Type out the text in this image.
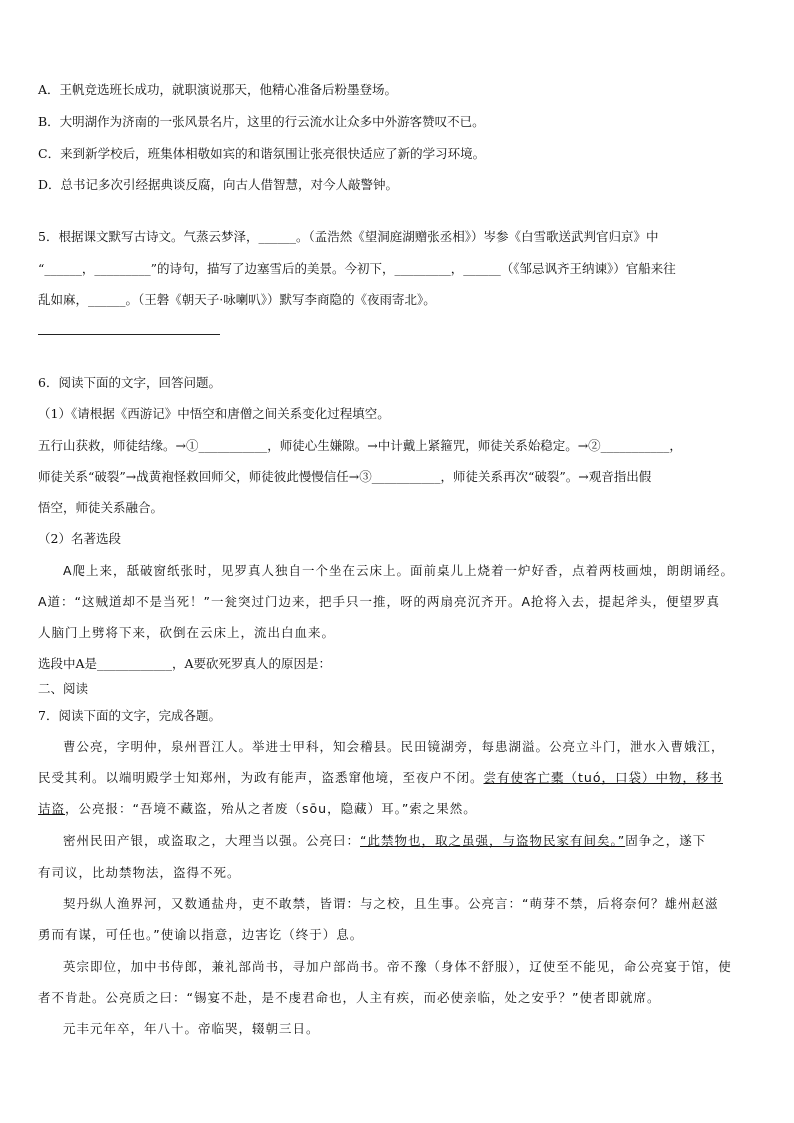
A．王帆竞选班长成功，就职演说那天，他精心准备后粉墨登场。
B．大明湖作为济南的一张风景名片，这里的行云流水让众多中外游客赞叹不已。
C．来到新学校后，班集体相敬如宾的和谐氛围让张亮很快适应了新的学习环境。
D．总书记多次引经据典谈反腐，向古人借智慧，对今人敲警钟。
5．根据课文默写古诗文。气蒸云梦泽，______。（孟浩然《望洞庭湖赠张丞相》）岑参《白雪歌送武判官归京》中
“______，_________”的诗句，描写了边塞雪后的美景。今初下，_________，______（《邹忌讽齐王纳谏》）官船来往
乱如麻，______。（王磐《朝天子·咏喇叭》）默写李商隐的《夜雨寄北》。
6．阅读下面的文字，回答问题。
（1）《请根据《西游记》中悟空和唐僧之间关系变化过程填空。
五行山获救，师徒结缘。→①___________，师徒心生嫌隙。→中计戴上紧箍咒，师徒关系始稳定。→②___________，
师徒关系“破裂”→战黄袍怪救回师父，师徒彼此慢慢信任→③___________，师徒关系再次“破裂”。→观音指出假
悟空，师徒关系融合。
（2）名著选段
A爬上来，舐破窗纸张时，见罗真人独自一个坐在云床上。面前桌儿上烧着一炉好香，点着两枝画烛，朗朗诵经。
A道：“这贼道却不是当死！”一瓮突过门边来，把手只一推，呀的两扇亮沉齐开。A抢将入去，提起斧头，便望罗真
人脑门上劈将下来，砍倒在云床上，流出白血来。
选段中A是____________，A要砍死罗真人的原因是：
二、阅读
7．阅读下面的文字，完成各题。
曹公亮，字明仲，泉州晋江人。举进士甲科，知会稽县。民田镜湖旁，每患湖溢。公亮立斗门，泄水入曹娥江，
民受其利。以端明殿学士知郑州，为政有能声，盗悉窜他境，至夜户不闭。尝有使客亡橐（tuó，口袋）中物，移书
诘盗，公亮报：“吾境不藏盗，殆从之者废（sōu，隐藏）耳。”索之果然。
密州民田产银，或盗取之，大理当以强。公亮曰：“此禁物也，取之虽强，与盗物民家有间矣。”固争之，遂下
有司议，比劫禁物法，盗得不死。
契丹纵人渔界河，又数通盐舟，吏不敢禁，皆谓：与之校，且生事。公亮言：“萌芽不禁，后将奈何？雄州赵滋
勇而有谋，可任也。”使谕以指意，边害讫（终于）息。
英宗即位，加中书侍郎，兼礼部尚书，寻加户部尚书。帝不豫（身体不舒服），辽使至不能见，命公亮宴于馆，使
者不肯赴。公亮质之曰：“锡宴不赴，是不虔君命也，人主有疾，而必使亲临，处之安乎？”使者即就席。
元丰元年卒，年八十。帝临哭，辍朝三日。
